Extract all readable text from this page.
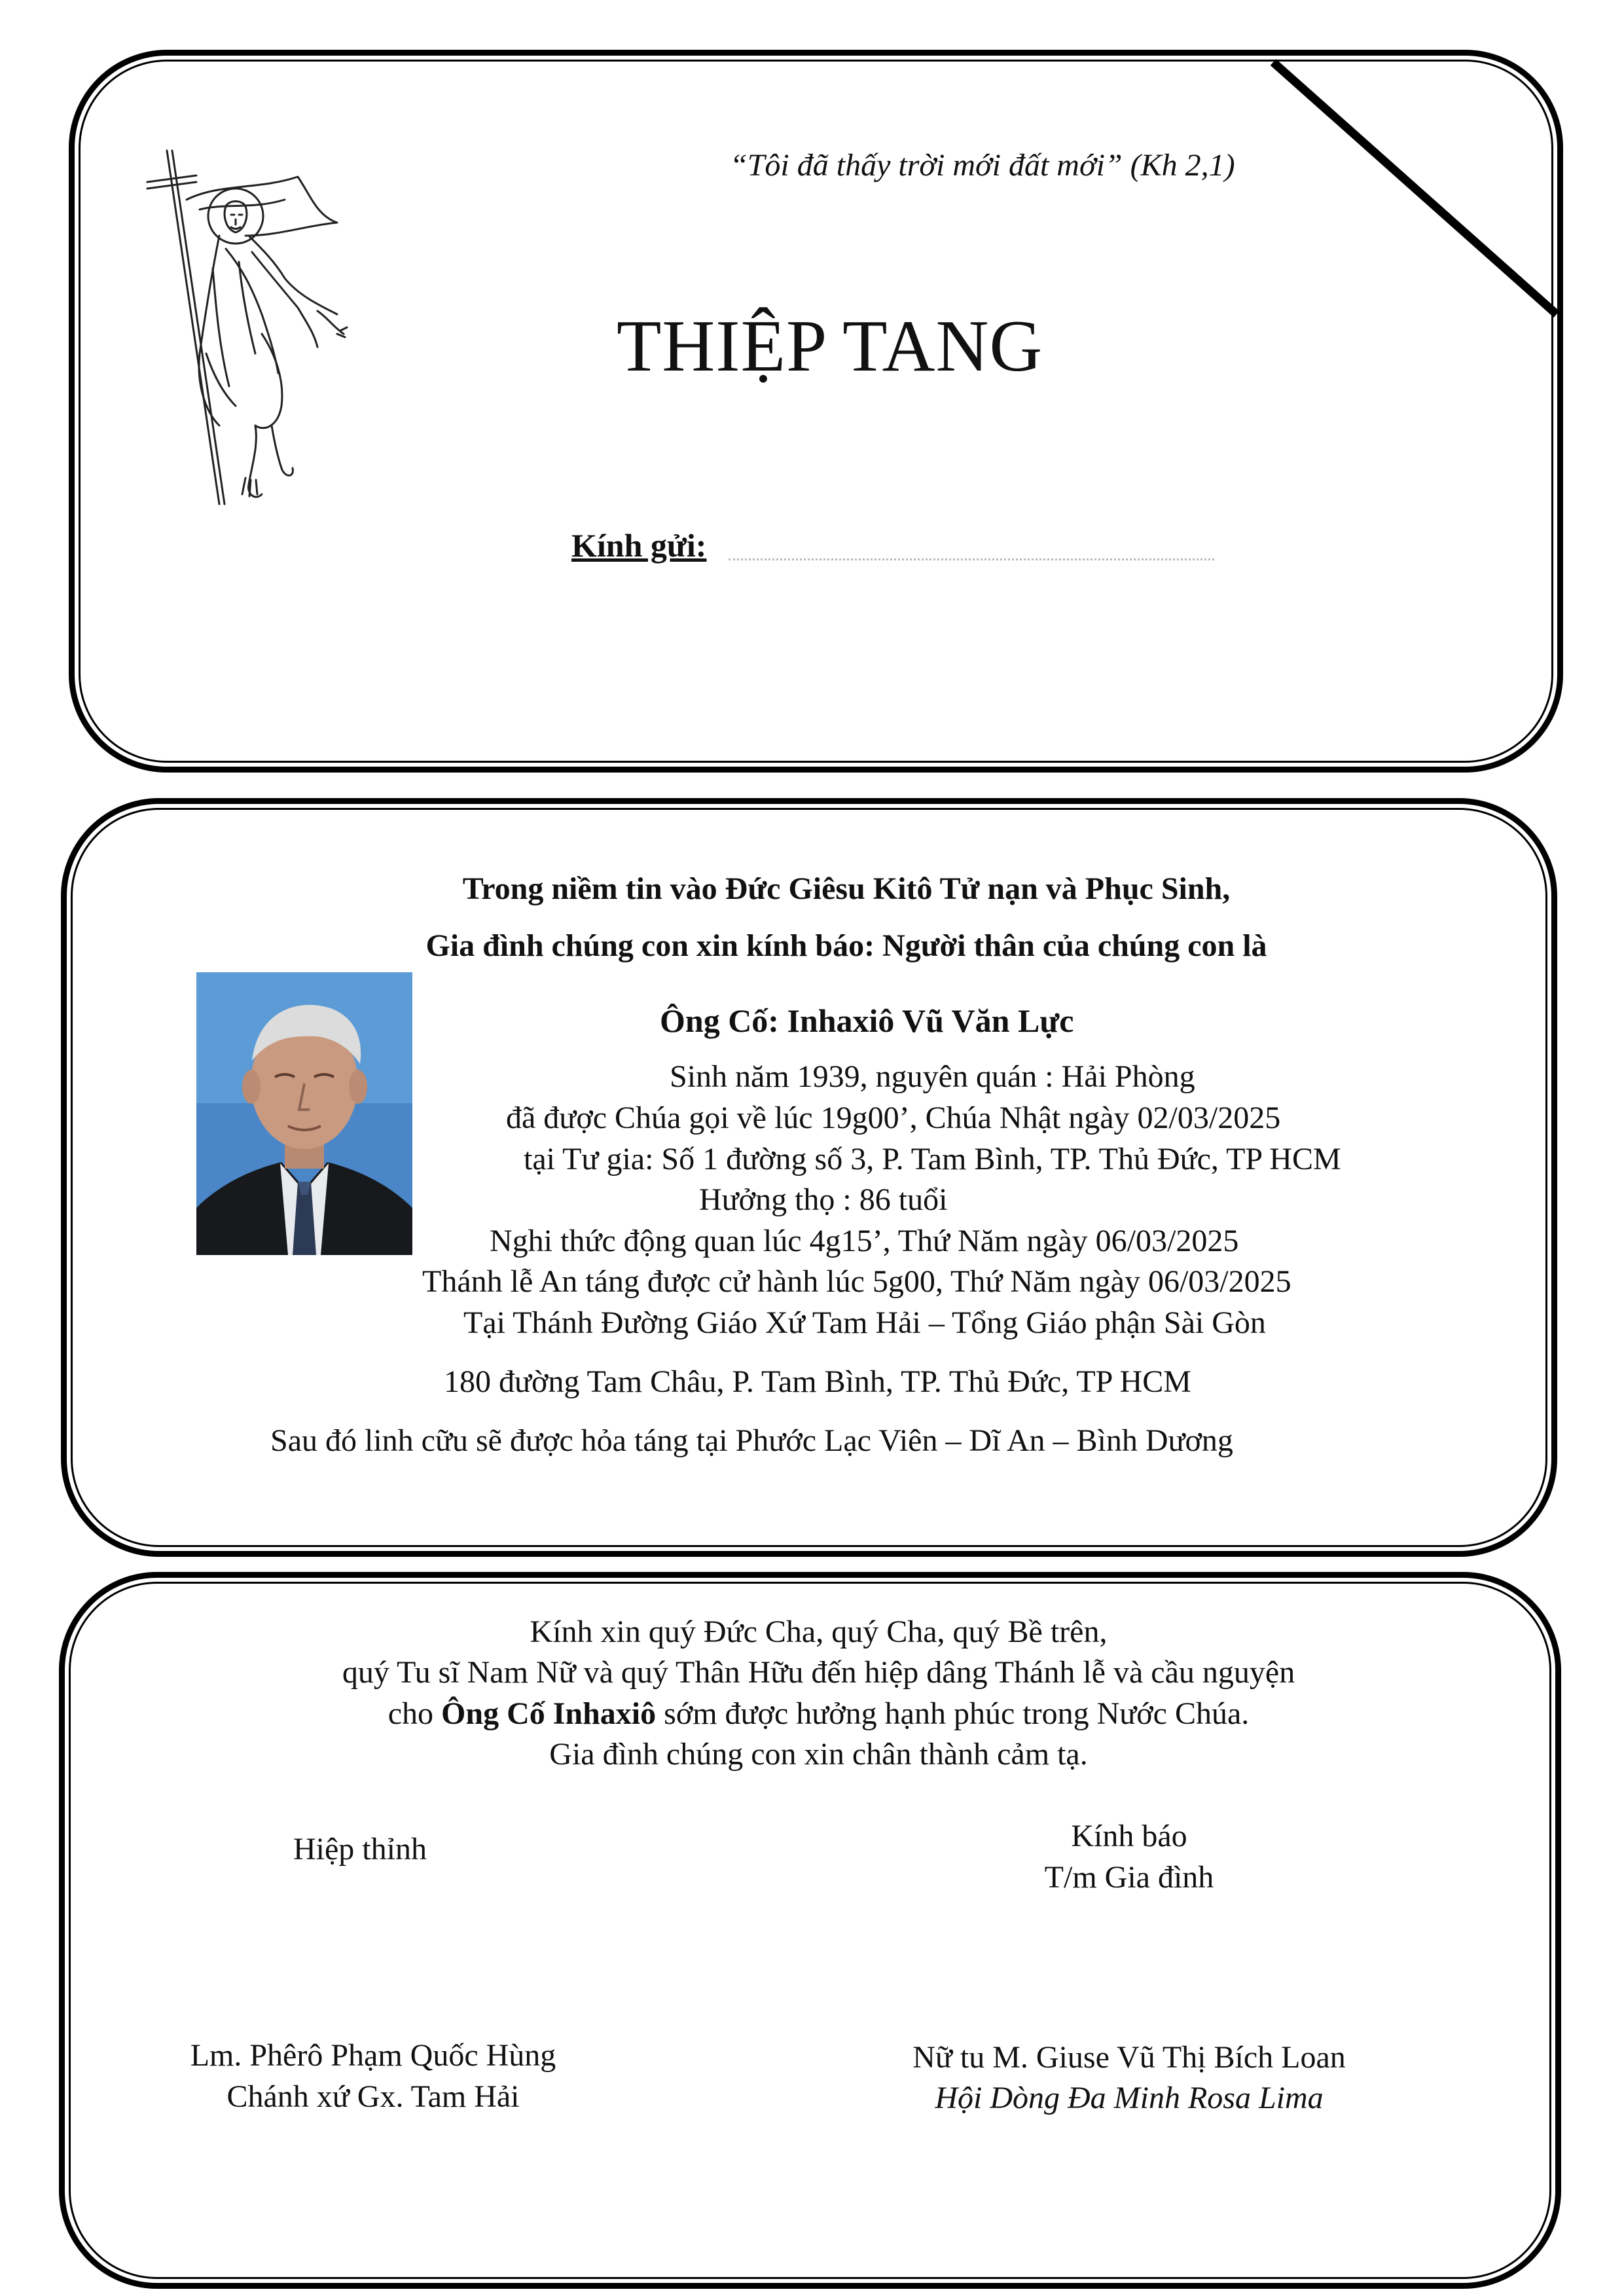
“Tôi đã thấy trời mới đất mới” (Kh 2,1)
THIỆP TANG
Kính gửi:
Trong niềm tin vào Đức Giêsu Kitô Tử nạn và Phục Sinh,
Gia đình chúng con xin kính báo: Người thân của chúng con là
Ông Cố: Inhaxiô Vũ Văn Lực
Sinh năm 1939, nguyên quán : Hải Phòng
đã được Chúa gọi về lúc 19g00’, Chúa Nhật ngày 02/03/2025
tại Tư gia: Số 1 đường số 3, P. Tam Bình, TP. Thủ Đức, TP HCM
Hưởng thọ : 86 tuổi
Nghi thức động quan lúc 4g15’, Thứ Năm ngày 06/03/2025
Thánh lễ An táng được cử hành lúc 5g00, Thứ Năm ngày 06/03/2025
Tại Thánh Đường Giáo Xứ Tam Hải – Tổng Giáo phận Sài Gòn
180 đường Tam Châu, P. Tam Bình, TP. Thủ Đức, TP HCM
Sau đó linh cữu sẽ được hỏa táng tại Phước Lạc Viên – Dĩ An – Bình Dương
Kính xin quý Đức Cha, quý Cha, quý Bề trên,
quý Tu sĩ Nam Nữ và quý Thân Hữu đến hiệp dâng Thánh lễ và cầu nguyện
cho Ông Cố Inhaxiô sớm được hưởng hạnh phúc trong Nước Chúa.
Gia đình chúng con xin chân thành cảm tạ.
Hiệp thỉnh	Kính báo
T/m Gia đình
Lm. Phêrô Phạm Quốc Hùng
Chánh xứ Gx. Tam Hải
Nữ tu M. Giuse Vũ Thị Bích Loan
Hội Dòng Đa Minh Rosa Lima
